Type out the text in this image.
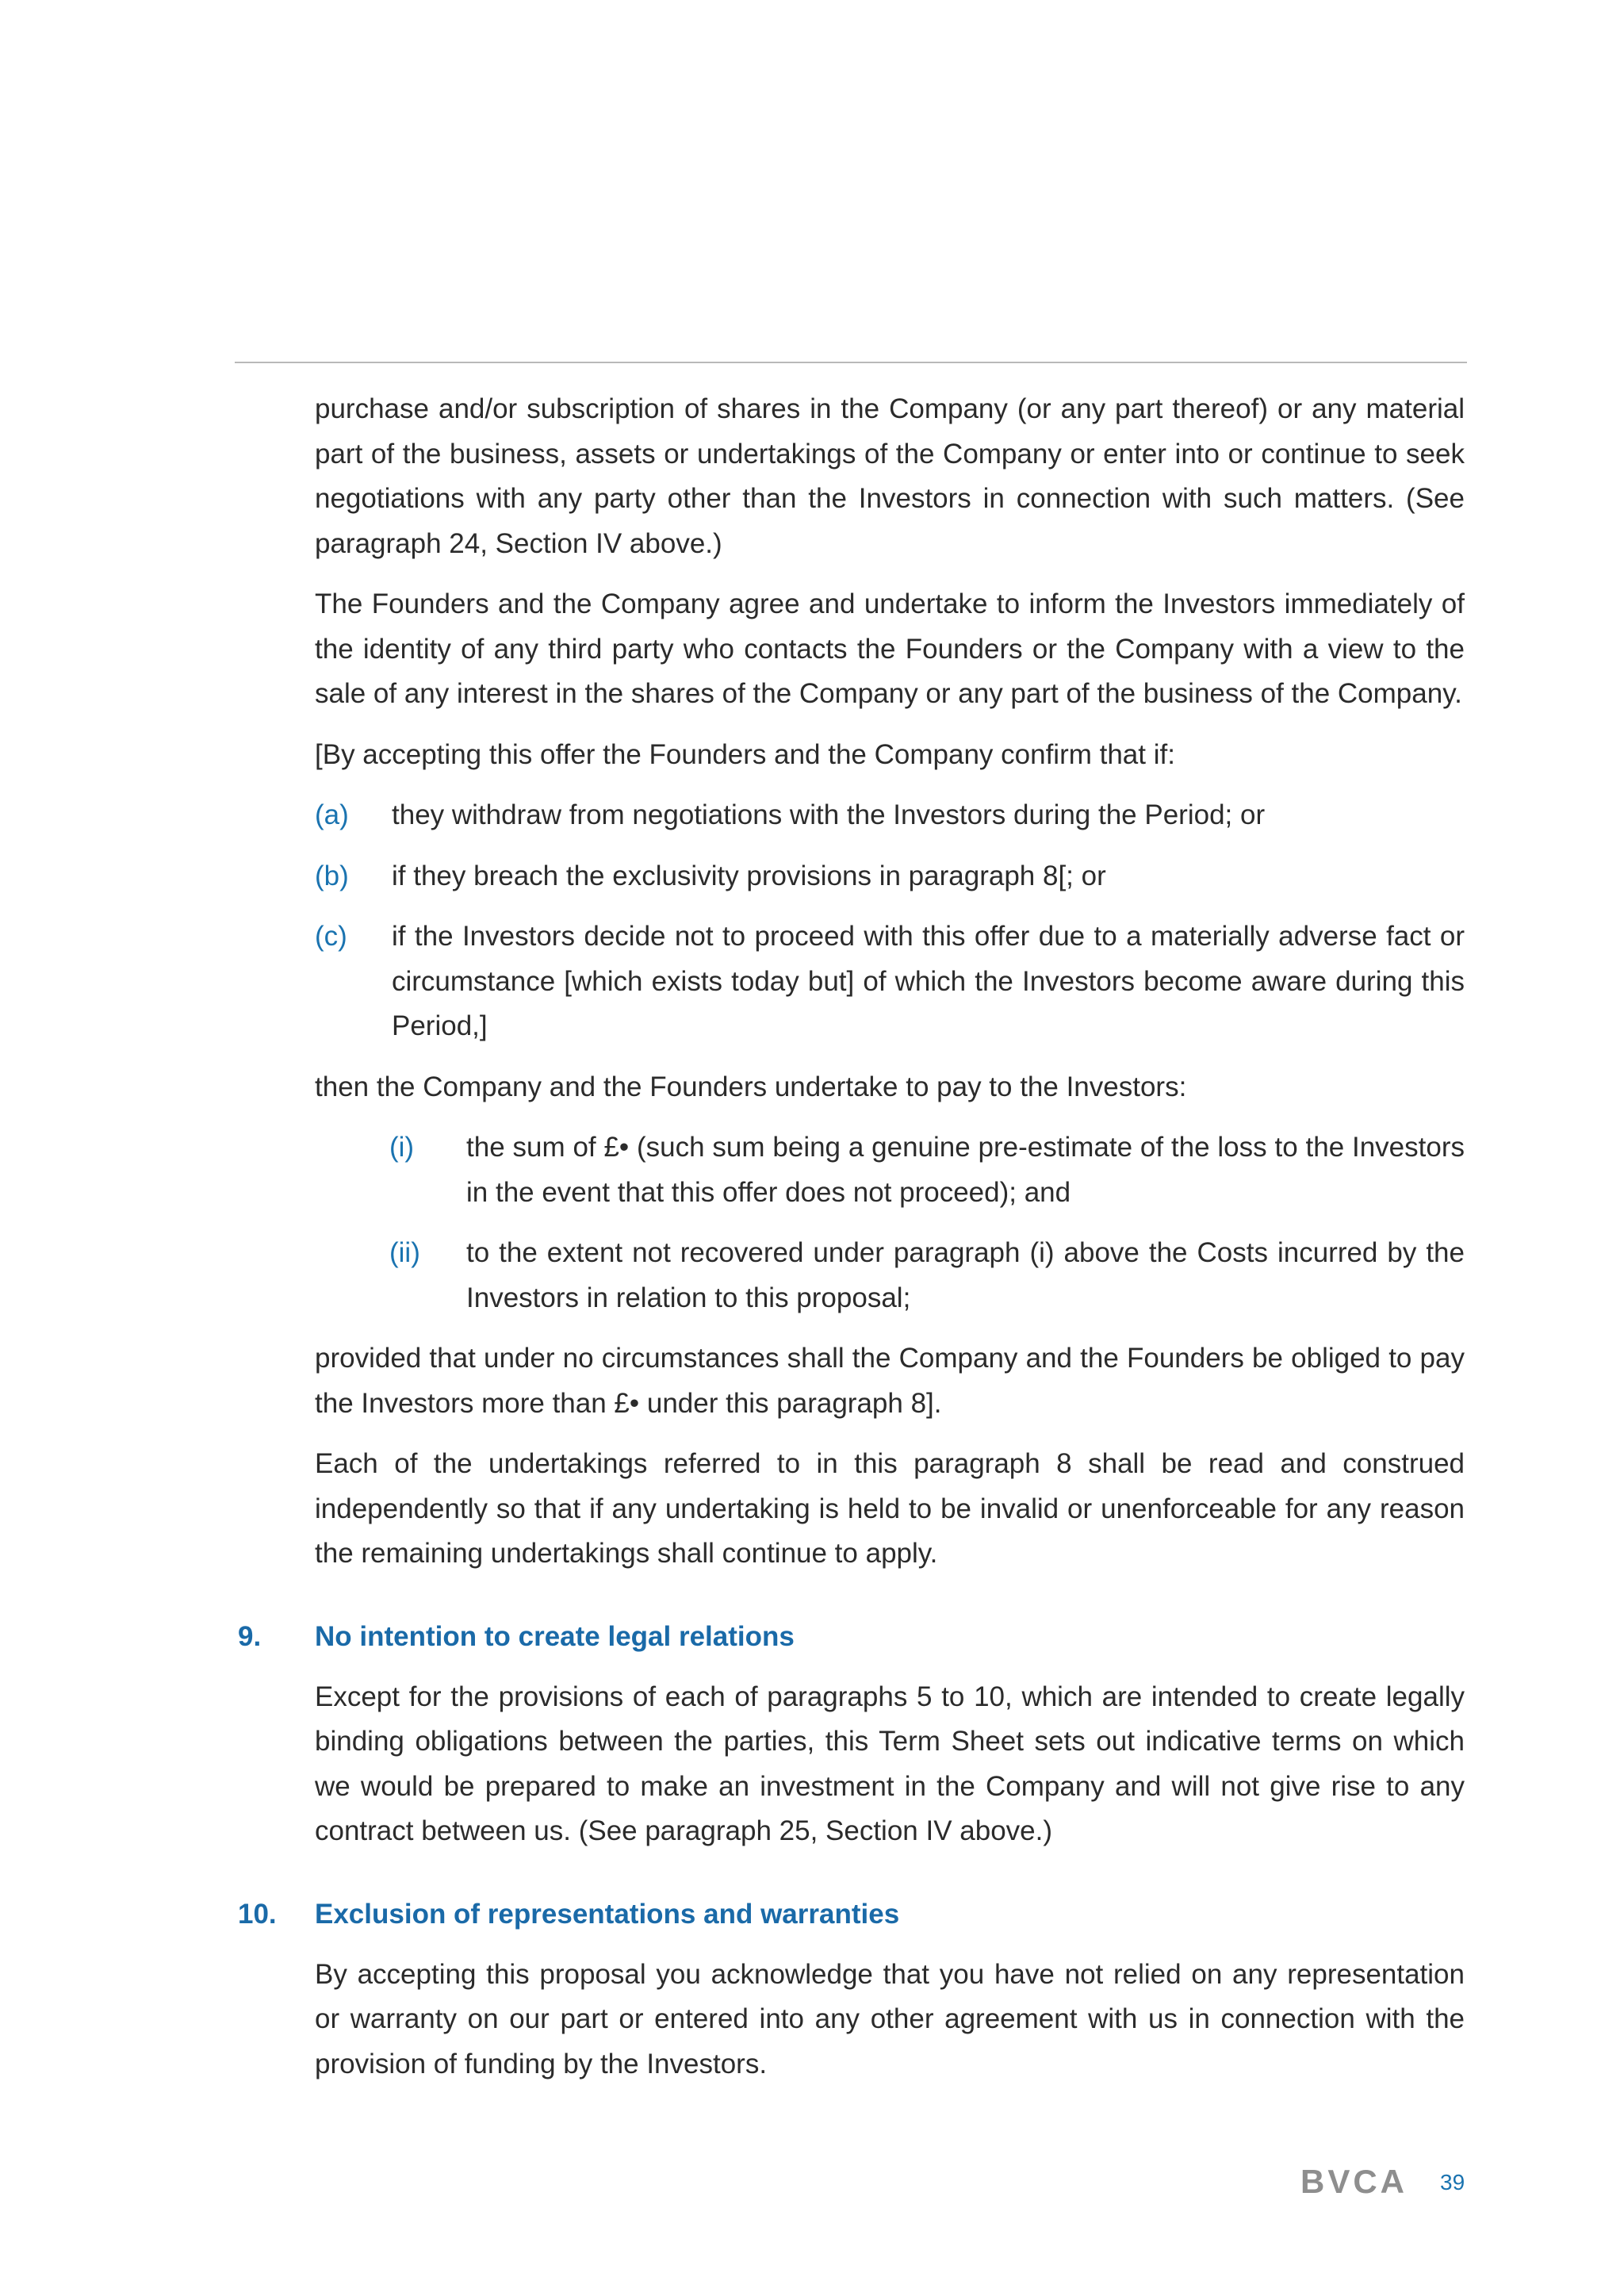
purchase and/or subscription of shares in the Company (or any part thereof) or any material part of the business, assets or undertakings of the Company or enter into or continue to seek negotiations with any party other than the Investors in connection with such matters. (See paragraph 24, Section IV above.)

The Founders and the Company agree and undertake to inform the Investors immediately of the identity of any third party who contacts the Founders or the Company with a view to the sale of any interest in the shares of the Company or any part of the business of the Company.

[By accepting this offer the Founders and the Company confirm that if:

(a) they withdraw from negotiations with the Investors during the Period; or
(b) if they breach the exclusivity provisions in paragraph 8[; or
(c) if the Investors decide not to proceed with this offer due to a materially adverse fact or circumstance [which exists today but] of which the Investors become aware during this Period,]

then the Company and the Founders undertake to pay to the Investors:

(i) the sum of £• (such sum being a genuine pre-estimate of the loss to the Investors in the event that this offer does not proceed); and
(ii) to the extent not recovered under paragraph (i) above the Costs incurred by the Investors in relation to this proposal;

provided that under no circumstances shall the Company and the Founders be obliged to pay the Investors more than £• under this paragraph 8].

Each of the undertakings referred to in this paragraph 8 shall be read and construed independently so that if any undertaking is held to be invalid or unenforceable for any reason the remaining undertakings shall continue to apply.

9. No intention to create legal relations

Except for the provisions of each of paragraphs 5 to 10, which are intended to create legally binding obligations between the parties, this Term Sheet sets out indicative terms on which we would be prepared to make an investment in the Company and will not give rise to any contract between us. (See paragraph 25, Section IV above.)

10. Exclusion of representations and warranties

By accepting this proposal you acknowledge that you have not relied on any representation or warranty on our part or entered into any other agreement with us in connection with the provision of funding by the Investors.

BVCA 39
